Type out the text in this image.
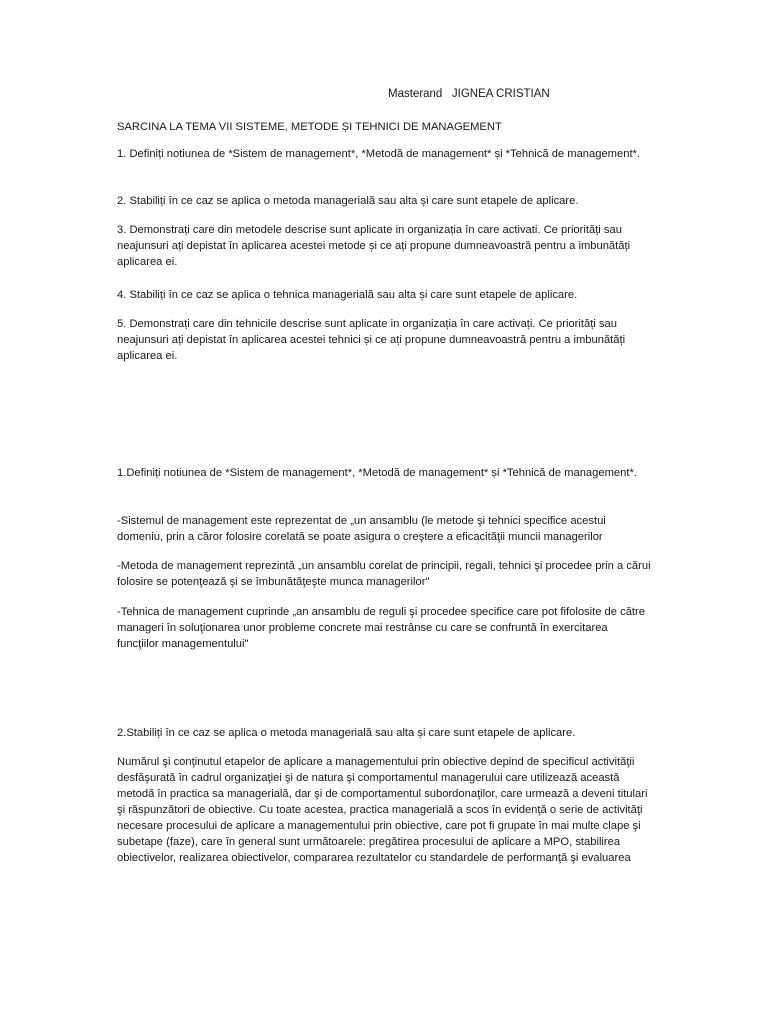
Masterand   JIGNEA CRISTIAN

SARCINA LA TEMA VII SISTEME, METODE ȘI TEHNICI DE MANAGEMENT

1. Definiți notiunea de *Sistem de management*, *Metodă de management* și *Tehnică de management*.

2. Stabiliți în ce caz se aplica o metoda managerială sau alta și care sunt etapele de aplicare.

3. Demonstrați care din metodele descrise sunt aplicate in organizația în care activati. Ce priorități sau neajunsuri ați depistat în aplicarea acestei metode și ce ați propune dumneavoastră pentru a imbunătăți aplicarea ei.

4. Stabiliți în ce caz se aplica o tehnica managerială sau alta și care sunt etapele de aplicare.

5. Demonstrați care din tehnicile descrise sunt aplicate in organizația în care activați. Ce priorități sau neajunsuri ați depistat în aplicarea acestei tehnici și ce ați propune dumneavoastră pentru a imbunătăți aplicarea ei.

1.Definiți notiunea de *Sistem de management*, *Metodă de management* și *Tehnică de management*.

-Sistemul de management este reprezentat de „un ansamblu (le metode şi tehnici specifice acestui domeniu, prin a căror folosire corelată se poate asigura o creştere a eficacităţii muncii managerilor

-Metoda de management reprezintă „un ansamblu corelat de principii, regali, tehnici şi procedee prin a cărui folosire se potenţează şi se îmbunătăţeşte munca managerilor"

-Tehnica de management cuprinde „an ansamblu de reguli şi procedee specifice care pot fifolosite de către manageri în soluţionarea unor probleme concrete mai restrânse cu care se confruntă în exercitarea funcţiilor managementului"

2.Stabiliți în ce caz se aplica o metoda managerială sau alta și care sunt etapele de aplicare.

Numărul şi conţinutul etapelor de aplicare a managementului prin obiective depind de specificul activităţii desfăşurată în cadrul organizaţiei şi de natura şi comportamentul managerului care utilizează această metodă în practica sa managerială, dar şi de comportamentul subordonaţilor, care urmează a deveni titulari şi răspunzători de obiective. Cu toate acestea, practica managerială a scos în evidenţă o serie de activităţi necesare procesului de aplicare a managementului prin obiective, care pot fi grupate în mai multe clape şi subetape (faze), care în general sunt următoarele: pregătirea procesului de aplicare a MPO, stabilirea obiectivelor, realizarea obiectivelor, compararea rezultatelor cu standardele de performanţă şi evaluarea
